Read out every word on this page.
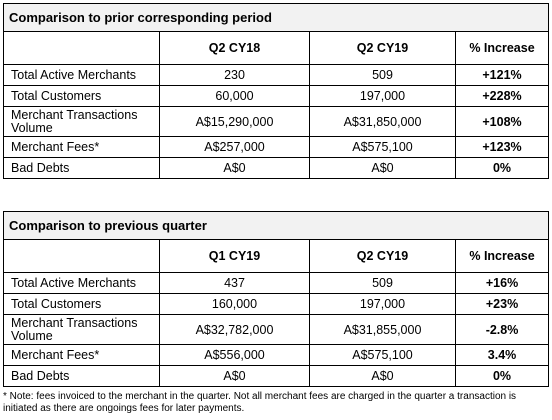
Comparison to prior corresponding period			
	Q2 CY18	Q2 CY19	% Increase
Total Active Merchants	230	509	+121%
Total Customers	60,000	197,000	+228%
Merchant Transactions Volume	A$15,290,000	A$31,850,000	+108%
Merchant Fees*	A$257,000	A$575,100	+123%
Bad Debts	A$0	A$0	0%
Comparison to previous quarter			
	Q1 CY19	Q2 CY19	% Increase
Total Active Merchants	437	509	+16%
Total Customers	160,000	197,000	+23%
Merchant Transactions Volume	A$32,782,000	A$31,855,000	-2.8%
Merchant Fees*	A$556,000	A$575,100	3.4%
Bad Debts	A$0	A$0	0%
* Note: fees invoiced to the merchant in the quarter. Not all merchant fees are charged in the quarter a transaction is initiated as there are ongoings fees for later payments.
